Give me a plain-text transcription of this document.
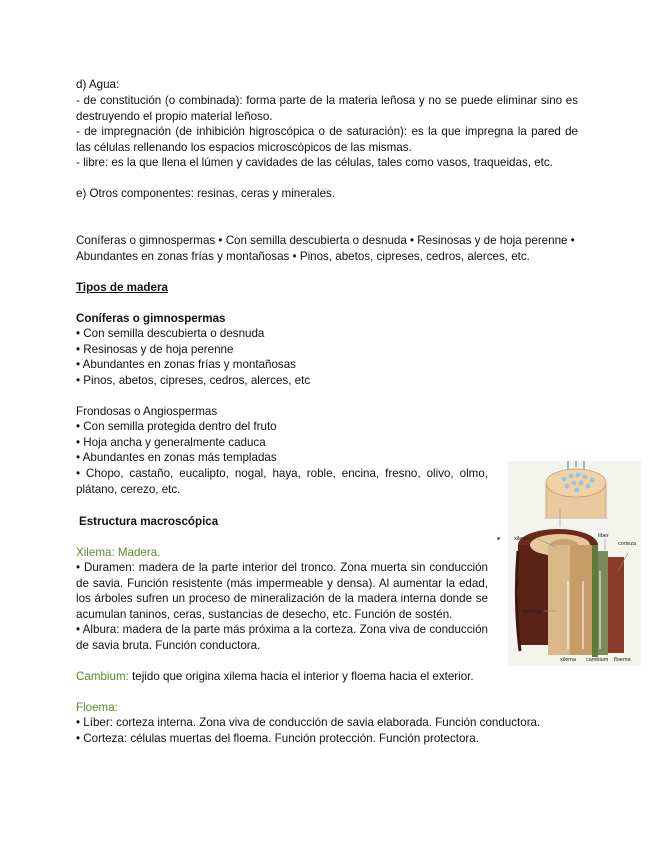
d) Agua:

- de constitución (o combinada): forma parte de la materia leñosa y no se puede eliminar sino es destruyendo el propio material leñoso.

- de impregnación (de inhibición higroscópica o de saturación): es la que impregna la pared de las células rellenando los espacios microscópicos de las mismas.

- libre: es la que llena el lúmen y cavidades de las células, tales como vasos, traqueidas, etc.

e) Otros componentes: resinas, ceras y minerales.

Coníferas o gimnospermas • Con semilla descubierta o desnuda • Resinosas y de hoja perenne • Abundantes en zonas frías y montañosas • Pinos, abetos, cipreses, cedros, alerces, etc.

Tipos de madera

Coníferas o gimnospermas

• Con semilla descubierta o desnuda

• Resinosas y de hoja perenne

• Abundantes en zonas frías y montañosas

• Pinos, abetos, cipreses, cedros, alerces, etc

Frondosas o Angiospermas

• Con semilla protegida dentro del fruto

• Hoja ancha y generalmente caduca

• Abundantes en zonas más templadas

• Chopo, castaño, eucalipto, nogal, haya, roble, encina, fresno, olivo, olmo, plátano, cerezo, etc.

Estructura macroscópica

Xilema: Madera.

• Duramen: madera de la parte interior del tronco. Zona muerta sin conducción de savia. Función resistente (más impermeable y densa). Al aumentar la edad, los árboles sufren un proceso de mineralización de la madera interna donde se acumulan taninos, ceras, sustancias de desecho, etc. Función de sostén.

• Albura: madera de la parte más próxima a la corteza. Zona viva de conducción de savia bruta. Función conductora.

Cambium: tejido que origina xilema hacia el interior y floema hacia el exterior.

Floema:

• Líber: corteza interna. Zona viva de conducción de savia elaborada. Función conductora.

• Corteza: células muertas del floema. Función protección. Función protectora.

xilema	líber
corteza
duramen
xilema cambium floema
